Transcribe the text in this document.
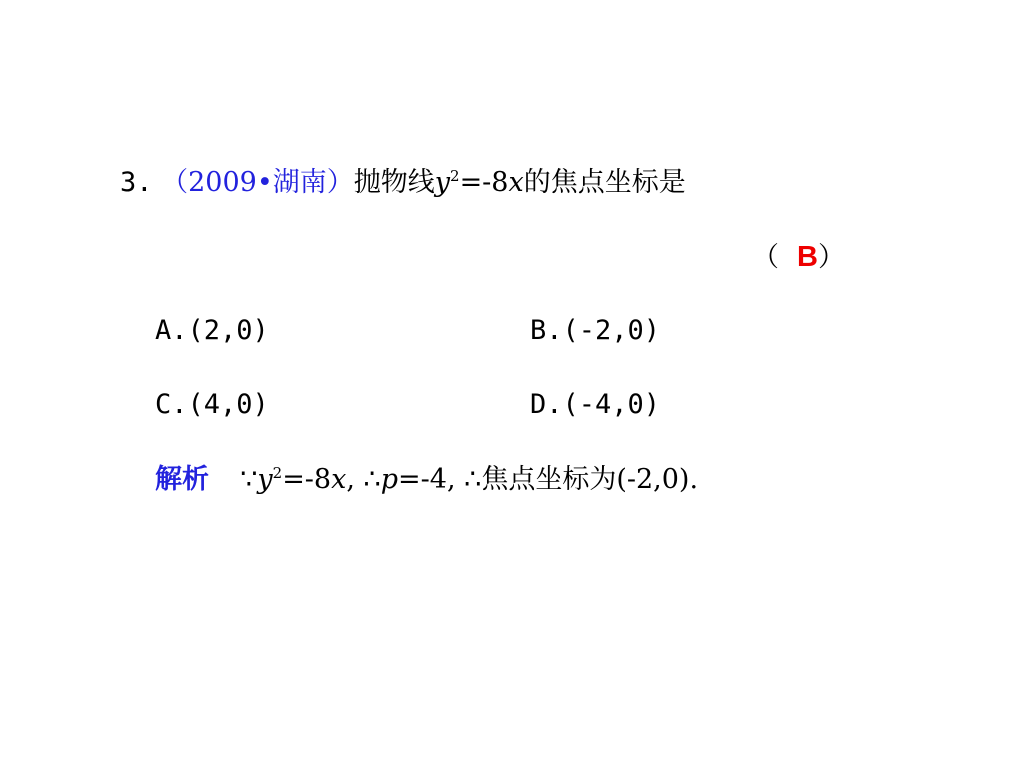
3. （2009•湖南）抛物线$y^2=-8x$的焦点坐标是
（ B）
A.(2,0)	B.(-2,0)
C.(4,0)	D.(-4,0)
解析 $\because y^2=-8x$, ∴p=-4, ∴焦点坐标为(-2,0).
